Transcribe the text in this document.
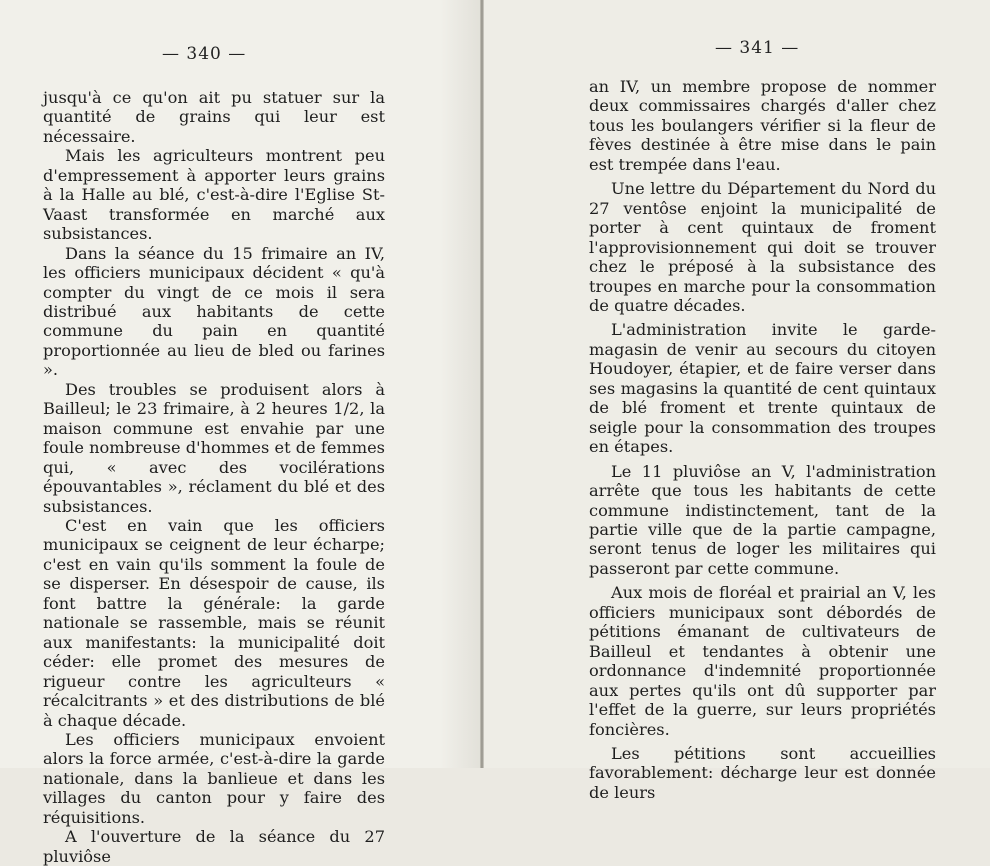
— 340 —

jusqu'à ce qu'on ait pu statuer sur la quantité de grains qui leur est nécessaire.

Mais les agriculteurs montrent peu d'empressement à apporter leurs grains à la Halle au blé, c'est-à-dire l'Eglise St-Vaast transformée en marché aux subsistances.

Dans la séance du 15 frimaire an IV, les officiers municipaux décident « qu'à compter du vingt de ce mois il sera distribué aux habitants de cette commune du pain en quantité proportionnée au lieu de bled ou farines ».

Des troubles se produisent alors à Bailleul; le 23 frimaire, à 2 heures 1/2, la maison commune est envahie par une foule nombreuse d'hommes et de femmes qui, « avec des vocilérations épouvantables », réclament du blé et des subsistances.

C'est en vain que les officiers municipaux se ceignent de leur écharpe; c'est en vain qu'ils somment la foule de se disperser. En désespoir de cause, ils font battre la générale: la garde nationale se rassemble, mais se réunit aux manifestants: la municipalité doit céder: elle promet des mesures de rigueur contre les agriculteurs « récalcitrants » et des distributions de blé à chaque décade.

Les officiers municipaux envoient alors la force armée, c'est-à-dire la garde nationale, dans la banlieue et dans les villages du canton pour y faire des réquisitions.

A l'ouverture de la séance du 27 pluviôse

— 341 —

an IV, un membre propose de nommer deux commissaires chargés d'aller chez tous les boulangers vérifier si la fleur de fèves destinée à être mise dans le pain est trempée dans l'eau.

Une lettre du Département du Nord du 27 ventôse enjoint la municipalité de porter à cent quintaux de froment l'approvisionnement qui doit se trouver chez le préposé à la subsistance des troupes en marche pour la consommation de quatre décades.

L'administration invite le garde-magasin de venir au secours du citoyen Houdoyer, étapier, et de faire verser dans ses magasins la quantité de cent quintaux de blé froment et trente quintaux de seigle pour la consommation des troupes en étapes.

Le 11 pluviôse an V, l'administration arrête que tous les habitants de cette commune indistinctement, tant de la partie ville que de la partie campagne, seront tenus de loger les militaires qui passeront par cette commune.

Aux mois de floréal et prairial an V, les officiers municipaux sont débordés de pétitions émanant de cultivateurs de Bailleul et tendantes à obtenir une ordonnance d'indemnité proportionnée aux pertes qu'ils ont dû supporter par l'effet de la guerre, sur leurs propriétés foncières.

Les pétitions sont accueillies favorablement: décharge leur est donnée de leurs
